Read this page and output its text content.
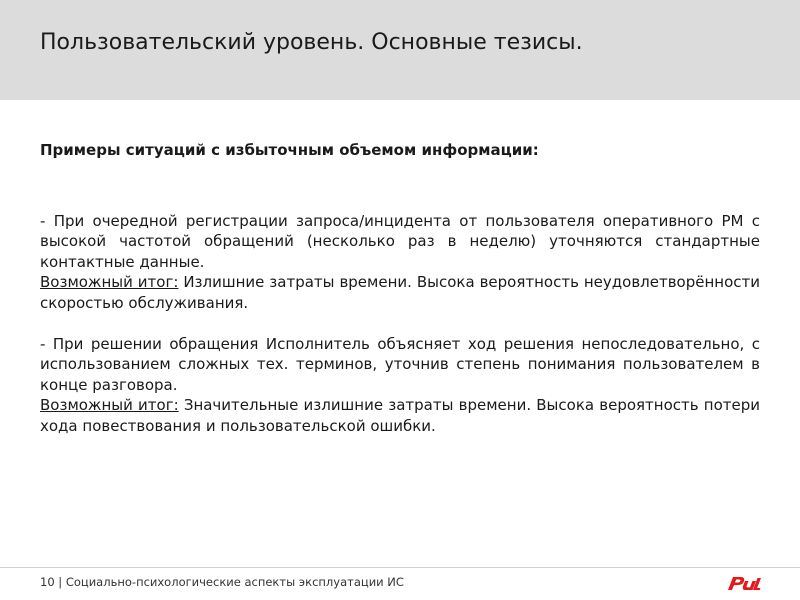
Пользовательский уровень. Основные тезисы.

Примеры ситуаций с избыточным объемом информации:

- При очередной регистрации запроса/инцидента от пользователя оперативного РМ с высокой частотой обращений (несколько раз в неделю) уточняются стандартные контактные данные.

Возможный итог: Излишние затраты времени. Высока вероятность неудовлетворённости скоростью обслуживания.

- При решении обращения Исполнитель объясняет ход решения непоследовательно, с использованием сложных тех. терминов, уточнив степень понимания пользователем в конце разговора.

Возможный итог: Значительные излишние затраты времени. Высока вероятность потери хода повествования и пользовательской ошибки.

10 | Социально-психологические аспекты эксплуатации ИС
